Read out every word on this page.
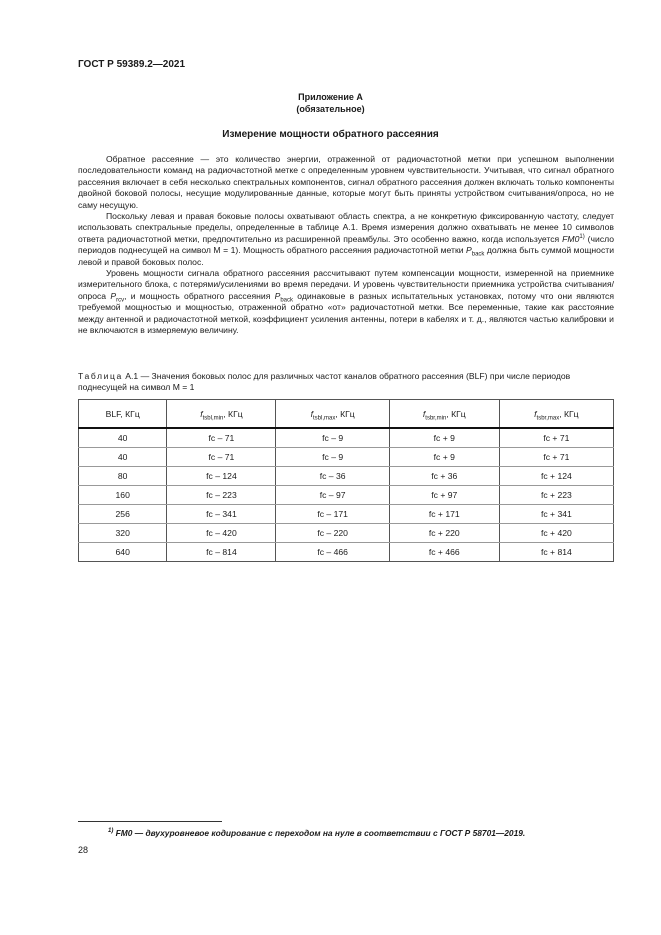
ГОСТ Р 59389.2—2021
Приложение А
(обязательное)
Измерение мощности обратного рассеяния

Обратное рассеяние — это количество энергии, отраженной от радиочастотной метки при успешном выполнении последовательности команд на радиочастотной метке с определенным уровнем чувствительности. Учитывая, что сигнал обратного рассеяния включает в себя несколько спектральных компонентов, сигнал обратного рассеяния должен включать только компоненты двойной боковой полосы, несущие модулированные данные, которые могут быть приняты устройством считывания/опроса, но не саму несущую.

Поскольку левая и правая боковые полосы охватывают область спектра, а не конкретную фиксированную частоту, следует использовать спектральные пределы, определенные в таблице А.1. Время измерения должно охватывать не менее 10 символов ответа радиочастотной метки, предпочтительно из расширенной преамбулы. Это особенно важно, когда используется FM0$^{1)}$ (число периодов поднесущей на символ М = 1). Мощность обратного рассеяния радиочастотной метки $P_{back}$ должна быть суммой мощности левой и правой боковых полос.

Уровень мощности сигнала обратного рассеяния рассчитывают путем компенсации мощности, измеренной на приемнике измерительного блока, с потерями/усилениями во время передачи. И уровень чувствительности приемника устройства считывания/опроса $P_{rcv}$, и мощность обратного рассеяния $P_{back}$ одинаковые в разных испытательных установках, потому что они являются требуемой мощностью и мощностью, отраженной обратно «от» радиочастотной метки. Все переменные, такие как расстояние между антенной и радиочастотной меткой, коэффициент усиления антенны, потери в кабелях и т. д., являются частью калибровки и не включаются в измеряемую величину.

Таблица А.1 — Значения боковых полос для различных частот каналов обратного рассеяния (BLF) при числе периодов поднесущей на символ М = 1
BLF, КГц	$f_{tsbl,min}$, КГц	$f_{tsbl,max}$, КГц	$f_{tsbr,min}$, КГц	$f_{tsbr,max}$, КГц
40	fc – 71	fc – 9	fc + 9	fc + 71
40	fc – 71	fc – 9	fc + 9	fc + 71
80	fc – 124	fc – 36	fc + 36	fc + 124
160	fc – 223	fc – 97	fc + 97	fc + 223
256	fc – 341	fc – 171	fc + 171	fc + 341
320	fc – 420	fc – 220	fc + 220	fc + 420
640	fc – 814	fc – 466	fc + 466	fc + 814
$^{1)}$ FM0 — двухуровневое кодирование с переходом на нуле в соответствии с ГОСТ Р 58701—2019.
28
